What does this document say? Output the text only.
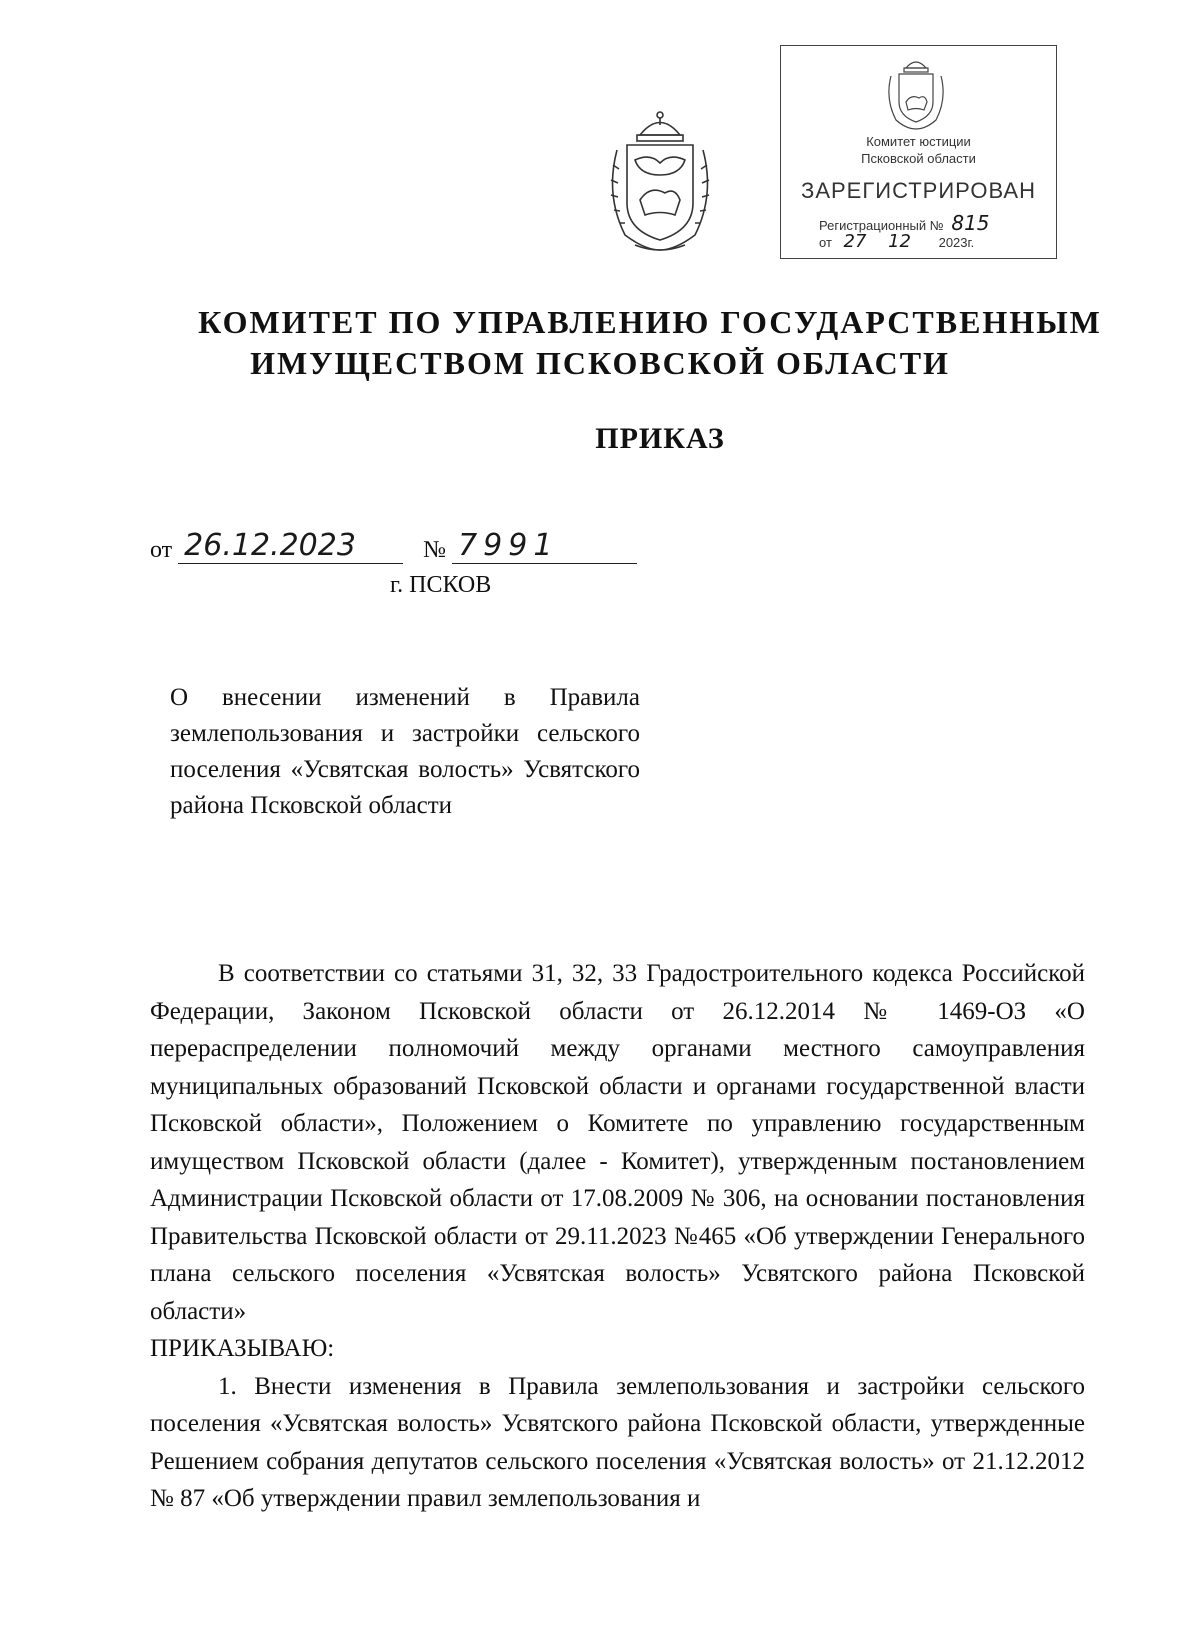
Комитет юстиции
Псковской области
ЗАРЕГИСТРИРОВАН
Регистрационный № 815
от 27 12 2023г.
КОМИТЕТ ПО УПРАВЛЕНИЮ ГОСУДАРСТВЕННЫМ
ИМУЩЕСТВОМ ПСКОВСКОЙ ОБЛАСТИ
ПРИКАЗ
от 26.12.2023	№ 7991
г. ПСКОВ
О внесении изменений в Правила землепользования и застройки сельского поселения «Усвятская волость» Усвятского района Псковской области

В соответствии со статьями 31, 32, 33 Градостроительного кодекса Российской Федерации, Законом Псковской области от 26.12.2014 № 1469-ОЗ «О перераспределении полномочий между органами местного самоуправления муниципальных образований Псковской области и органами государственной власти Псковской области», Положением о Комитете по управлению государственным имуществом Псковской области (далее - Комитет), утвержденным постановлением Администрации Псковской области от 17.08.2009 № 306, на основании постановления Правительства Псковской области от 29.11.2023 №465 «Об утверждении Генерального плана сельского поселения «Усвятская волость» Усвятского района Псковской области»

ПРИКАЗЫВАЮ:

1. Внести изменения в Правила землепользования и застройки сельского поселения «Усвятская волость» Усвятского района Псковской области, утвержденные Решением собрания депутатов сельского поселения «Усвятская волость» от 21.12.2012 № 87 «Об утверждении правил землепользования и
